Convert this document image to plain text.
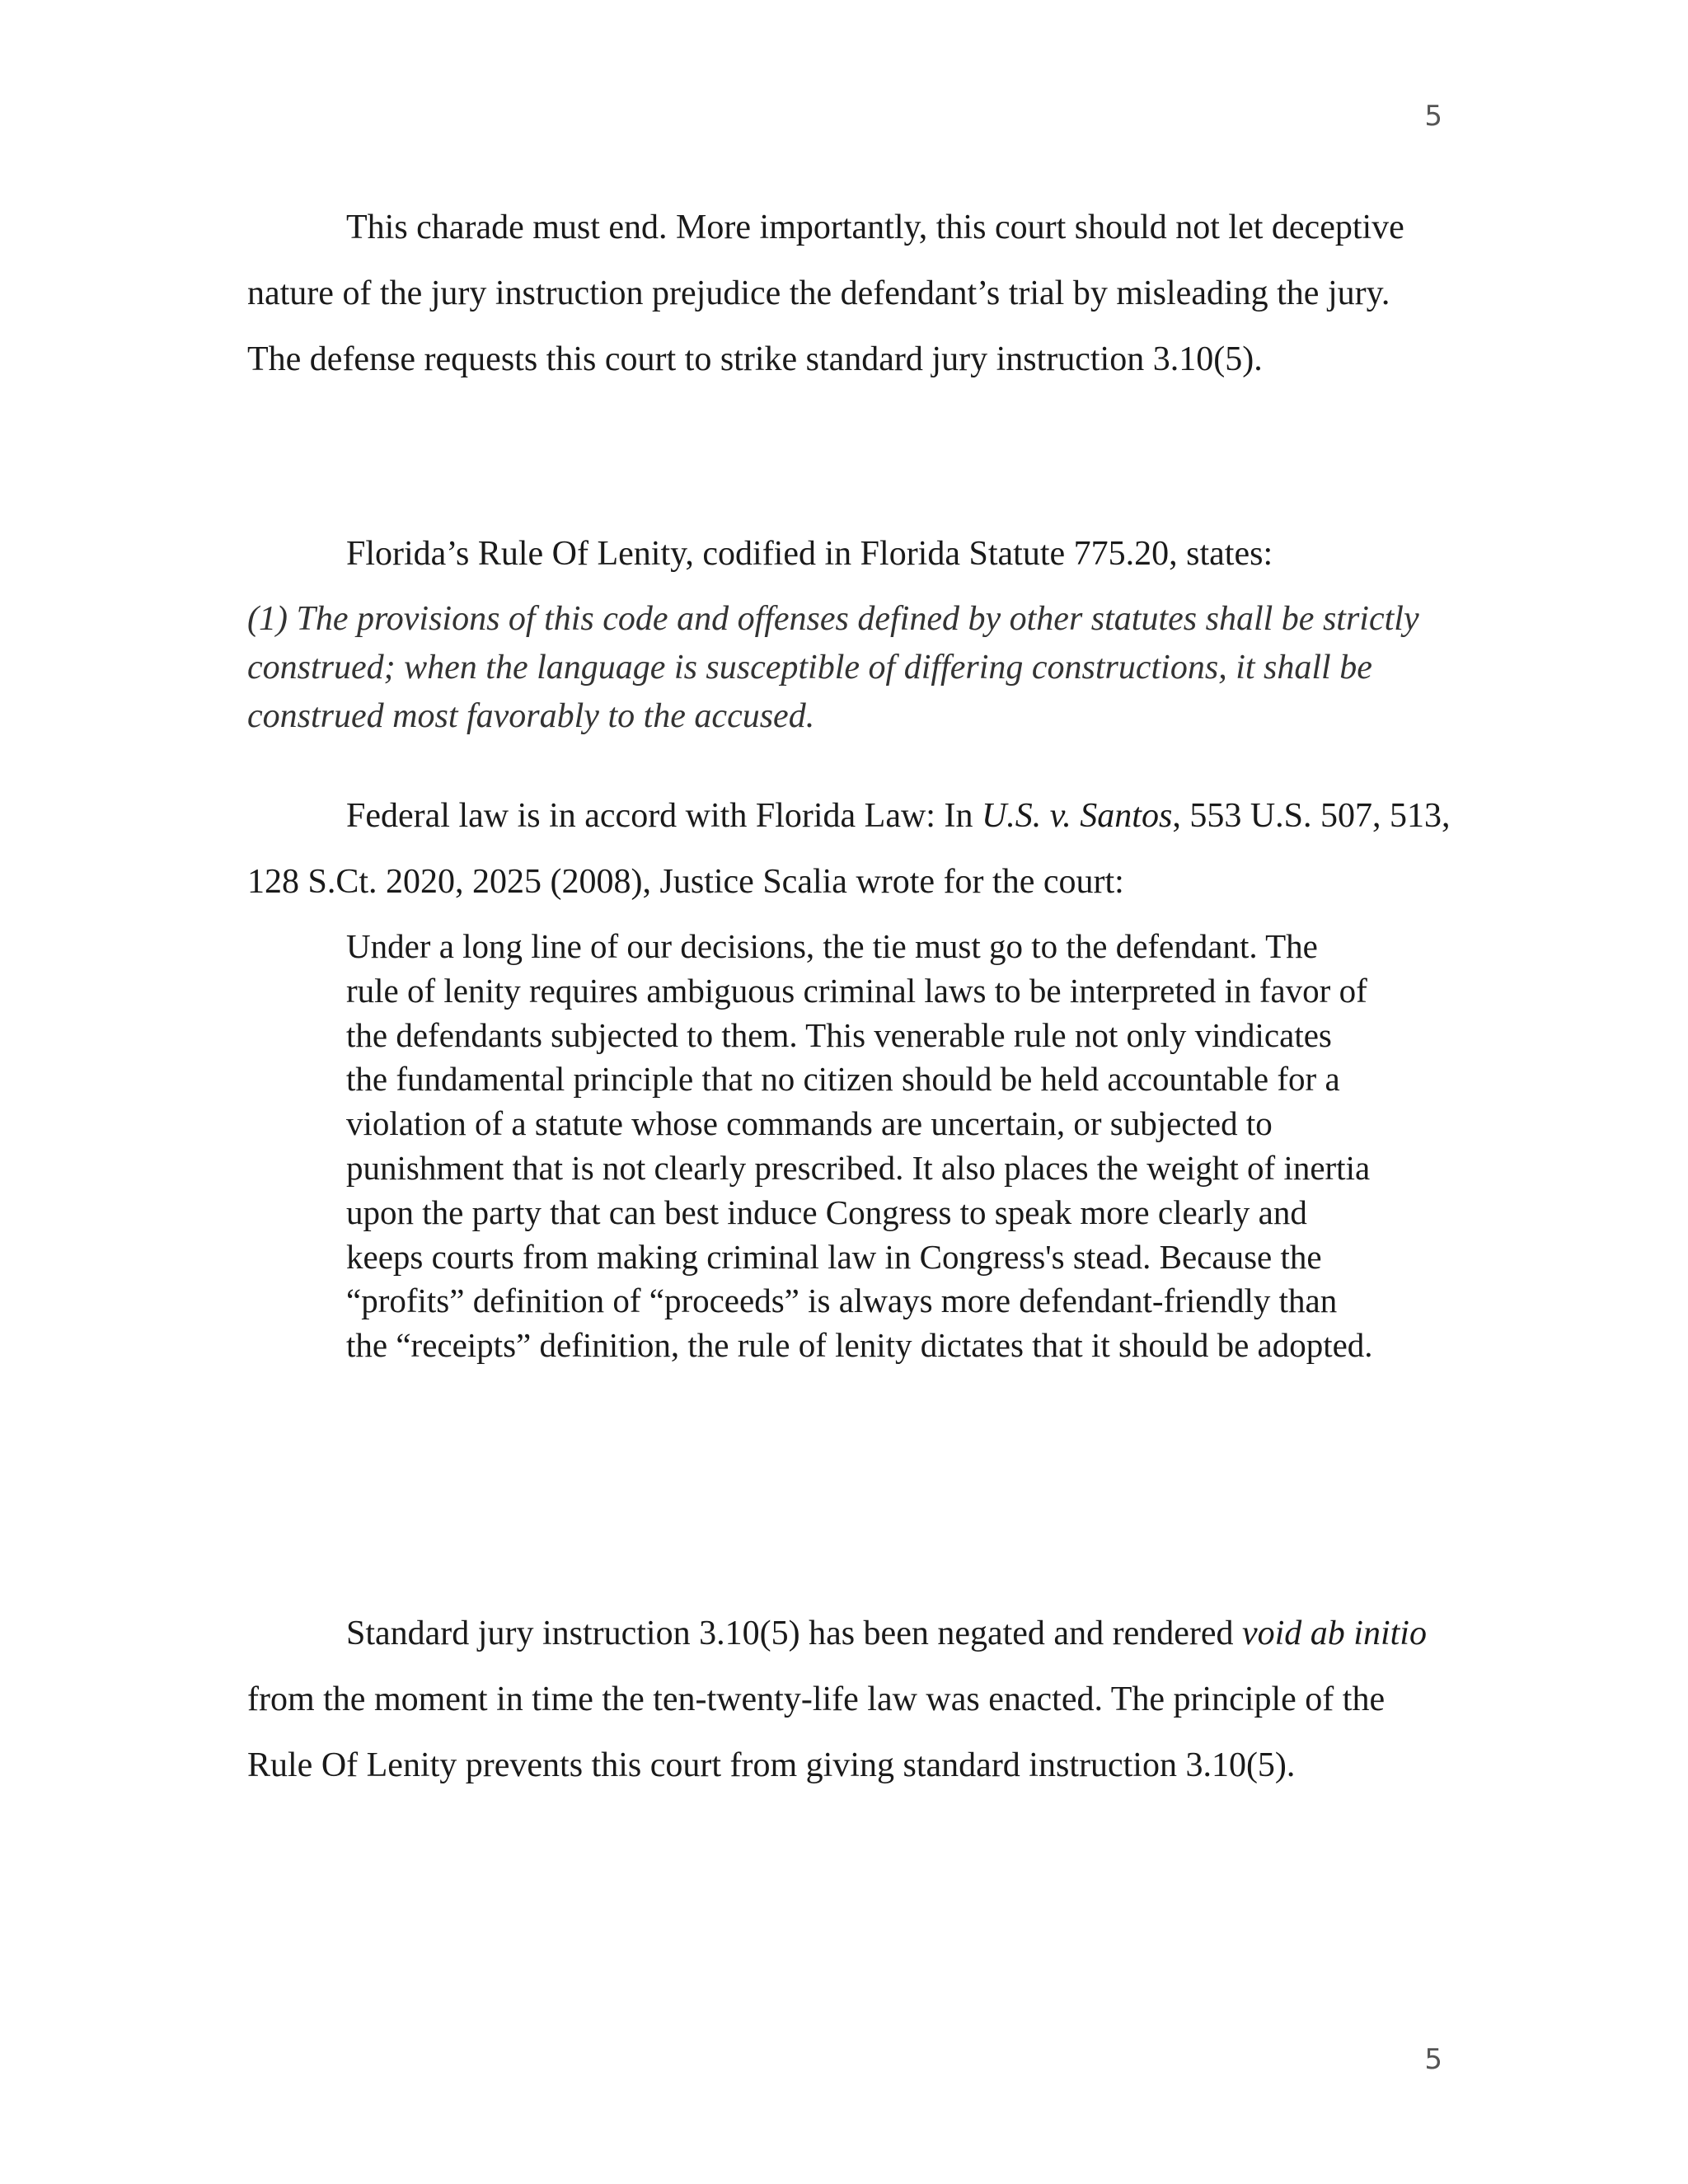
5

This charade must end. More importantly, this court should not let deceptive nature of the jury instruction prejudice the defendant’s trial by misleading the jury. The defense requests this court to strike standard jury instruction 3.10(5).

Florida’s Rule Of Lenity, codified in Florida Statute 775.20, states:

(1) The provisions of this code and offenses defined by other statutes shall be strictly construed; when the language is susceptible of differing constructions, it shall be construed most favorably to the accused.

Federal law is in accord with Florida Law: In U.S. v. Santos, 553 U.S. 507, 513, 128 S.Ct. 2020, 2025 (2008), Justice Scalia wrote for the court:

Under a long line of our decisions, the tie must go to the defendant. The rule of lenity requires ambiguous criminal laws to be interpreted in favor of the defendants subjected to them. This venerable rule not only vindicates the fundamental principle that no citizen should be held accountable for a violation of a statute whose commands are uncertain, or subjected to punishment that is not clearly prescribed. It also places the weight of inertia upon the party that can best induce Congress to speak more clearly and keeps courts from making criminal law in Congress's stead. Because the “profits” definition of “proceeds” is always more defendant-friendly than the “receipts” definition, the rule of lenity dictates that it should be adopted.

Standard jury instruction 3.10(5) has been negated and rendered void ab initio from the moment in time the ten-twenty-life law was enacted. The principle of the Rule Of Lenity prevents this court from giving standard instruction 3.10(5).

5
